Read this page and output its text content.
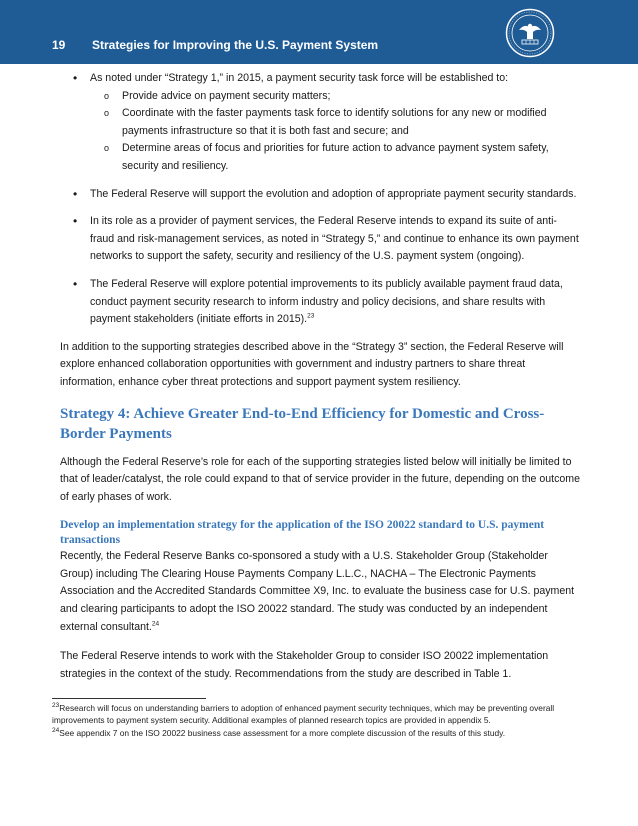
19 Strategies for Improving the U.S. Payment System
• As noted under “Strategy 1,” in 2015, a payment security task force will be established to:
o Provide advice on payment security matters;
o Coordinate with the faster payments task force to identify solutions for any new or modified payments infrastructure so that it is both fast and secure; and
o Determine areas of focus and priorities for future action to advance payment system safety, security and resiliency.
• The Federal Reserve will support the evolution and adoption of appropriate payment security standards.
• In its role as a provider of payment services, the Federal Reserve intends to expand its suite of anti-fraud and risk-management services, as noted in “Strategy 5,” and continue to enhance its own payment networks to support the safety, security and resiliency of the U.S. payment system (ongoing).
• The Federal Reserve will explore potential improvements to its publicly available payment fraud data, conduct payment security research to inform industry and policy decisions, and share results with payment stakeholders (initiate efforts in 2015).$^{23}$

In addition to the supporting strategies described above in the “Strategy 3” section, the Federal Reserve will explore enhanced collaboration opportunities with government and industry partners to share threat information, enhance cyber threat protections and support payment system resiliency.

Strategy 4: Achieve Greater End-to-End Efficiency for Domestic and Cross-Border Payments

Although the Federal Reserve’s role for each of the supporting strategies listed below will initially be limited to that of leader/catalyst, the role could expand to that of service provider in the future, depending on the outcome of early phases of work.

Develop an implementation strategy for the application of the ISO 20022 standard to U.S. payment transactions

Recently, the Federal Reserve Banks co-sponsored a study with a U.S. Stakeholder Group (Stakeholder Group) including The Clearing House Payments Company L.L.C., NACHA – The Electronic Payments Association and the Accredited Standards Committee X9, Inc. to evaluate the business case for U.S. payment and clearing participants to adopt the ISO 20022 standard. The study was conducted by an independent external consultant.$^{24}$

The Federal Reserve intends to work with the Stakeholder Group to consider ISO 20022 implementation strategies in the context of the study. Recommendations from the study are described in Table 1.

$^{23}$Research will focus on understanding barriers to adoption of enhanced payment security techniques, which may be preventing overall improvements to payment system security. Additional examples of planned research topics are provided in appendix 5.

$^{24}$See appendix 7 on the ISO 20022 business case assessment for a more complete discussion of the results of this study.
